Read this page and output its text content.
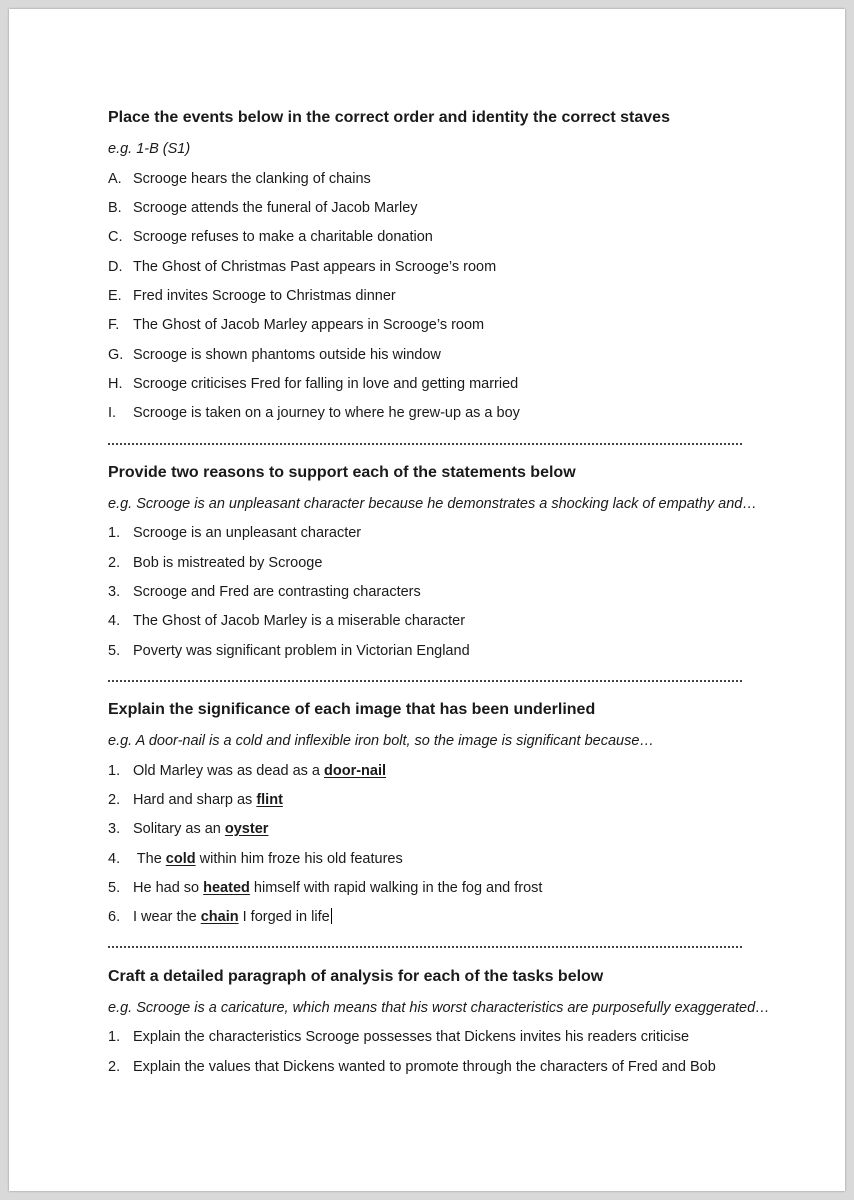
Place the events below in the correct order and identity the correct staves
e.g. 1-B (S1)
A. Scrooge hears the clanking of chains
B. Scrooge attends the funeral of Jacob Marley
C. Scrooge refuses to make a charitable donation
D. The Ghost of Christmas Past appears in Scrooge’s room
E. Fred invites Scrooge to Christmas dinner
F. The Ghost of Jacob Marley appears in Scrooge’s room
G. Scrooge is shown phantoms outside his window
H. Scrooge criticises Fred for falling in love and getting married
I. Scrooge is taken on a journey to where he grew-up as a boy
Provide two reasons to support each of the statements below
e.g. Scrooge is an unpleasant character because he demonstrates a shocking lack of empathy and…
1. Scrooge is an unpleasant character
2. Bob is mistreated by Scrooge
3. Scrooge and Fred are contrasting characters
4. The Ghost of Jacob Marley is a miserable character
5. Poverty was significant problem in Victorian England
Explain the significance of each image that has been underlined
e.g. A door-nail is a cold and inflexible iron bolt, so the image is significant because…
1. Old Marley was as dead as a door-nail
2. Hard and sharp as flint
3. Solitary as an oyster
4. The cold within him froze his old features
5. He had so heated himself with rapid walking in the fog and frost
6. I wear the chain I forged in life
Craft a detailed paragraph of analysis for each of the tasks below
e.g. Scrooge is a caricature, which means that his worst characteristics are purposefully exaggerated…
1. Explain the characteristics Scrooge possesses that Dickens invites his readers criticise
2. Explain the values that Dickens wanted to promote through the characters of Fred and Bob
